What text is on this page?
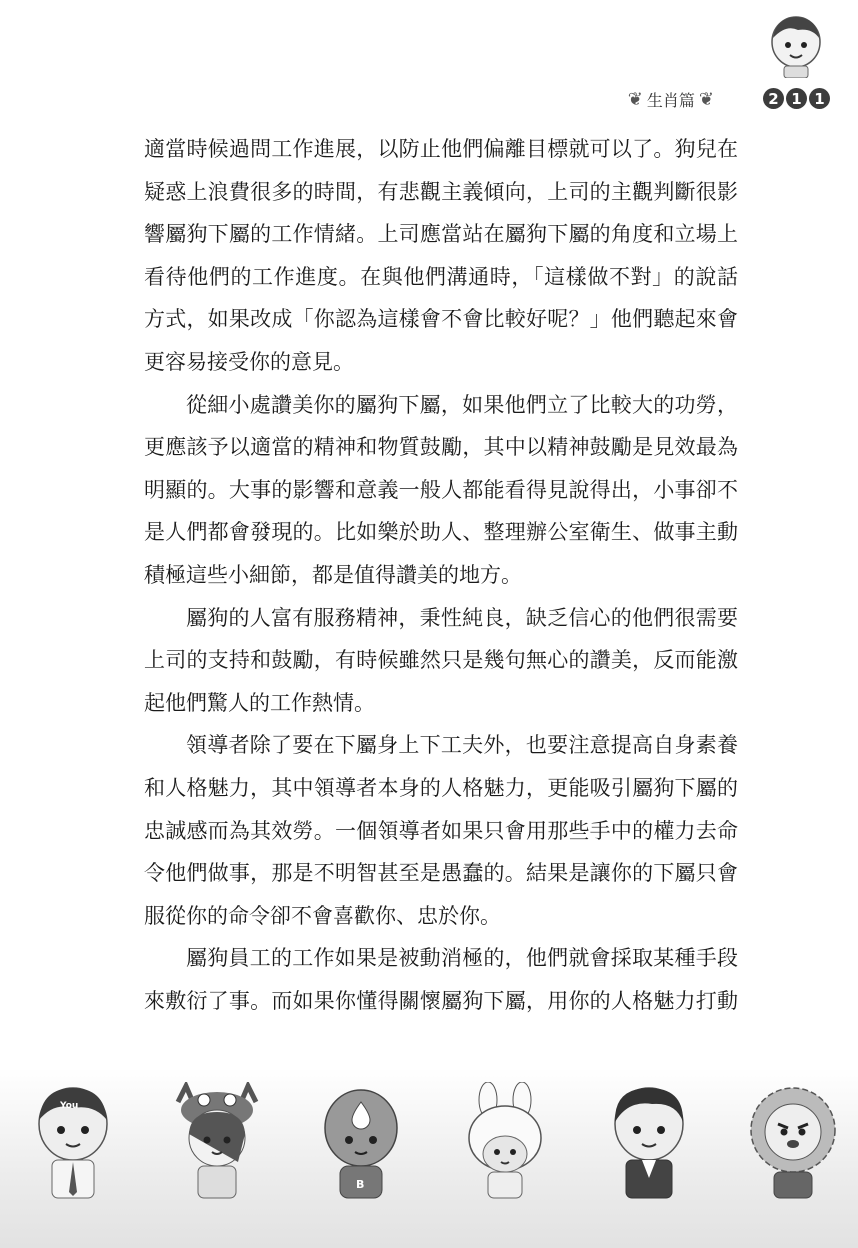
❦ 生肖篇 ❦	2 1 1
適當時候過問工作進展，以防止他們偏離目標就可以了。狗兒在
疑惑上浪費很多的時間，有悲觀主義傾向，上司的主觀判斷很影
響屬狗下屬的工作情緒。上司應當站在屬狗下屬的角度和立場上
看待他們的工作進度。在與他們溝通時，「這樣做不對」的說話
方式，如果改成「你認為這樣會不會比較好呢？」他們聽起來會
更容易接受你的意見。
從細小處讚美你的屬狗下屬，如果他們立了比較大的功勞，
更應該予以適當的精神和物質鼓勵，其中以精神鼓勵是見效最為
明顯的。大事的影響和意義一般人都能看得見說得出，小事卻不
是人們都會發現的。比如樂於助人、整理辦公室衛生、做事主動
積極這些小細節，都是值得讚美的地方。
屬狗的人富有服務精神，秉性純良，缺乏信心的他們很需要
上司的支持和鼓勵，有時候雖然只是幾句無心的讚美，反而能激
起他們驚人的工作熱情。
領導者除了要在下屬身上下工夫外，也要注意提高自身素養
和人格魅力，其中領導者本身的人格魅力，更能吸引屬狗下屬的
忠誠感而為其效勞。一個領導者如果只會用那些手中的權力去命
令他們做事，那是不明智甚至是愚蠢的。結果是讓你的下屬只會
服從你的命令卻不會喜歡你、忠於你。
屬狗員工的工作如果是被動消極的，他們就會採取某種手段
來敷衍了事。而如果你懂得關懷屬狗下屬，用你的人格魅力打動
You
B
